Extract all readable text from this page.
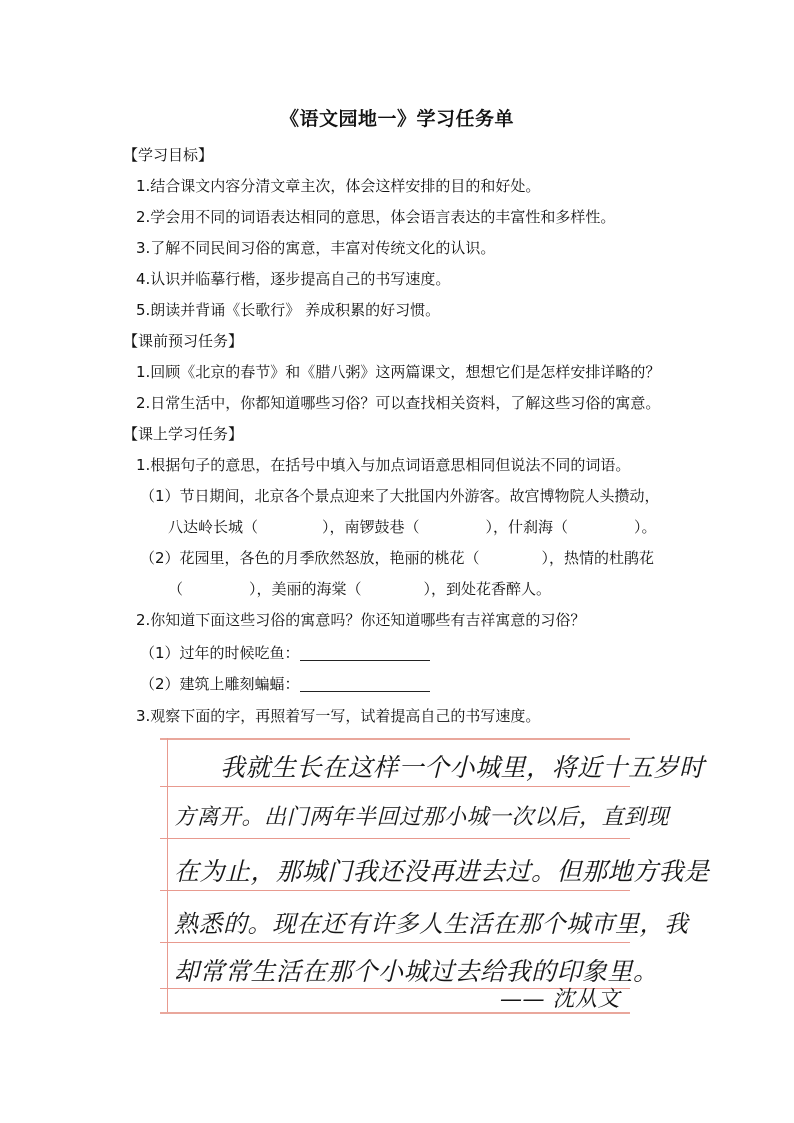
《语文园地一》学习任务单
【学习目标】
1.结合课文内容分清文章主次，体会这样安排的目的和好处。
2.学会用不同的词语表达相同的意思，体会语言表达的丰富性和多样性。
3.了解不同民间习俗的寓意，丰富对传统文化的认识。
4.认识并临摹行楷，逐步提高自己的书写速度。
5.朗读并背诵《长歌行》 养成积累的好习惯。
【课前预习任务】
1.回顾《北京的春节》和《腊八粥》这两篇课文，想想它们是怎样安排详略的？
2.日常生活中，你都知道哪些习俗？可以查找相关资料，了解这些习俗的寓意。
【课上学习任务】
1.根据句子的意思，在括号中填入与加点词语意思相同但说法不同的词语。
（1）节日期间，北京各个景点迎来了大批国内外游客。故宫博物院人头攒动，
八达岭长城（	），南锣鼓巷（	），什刹海（	）。
（2）花园里，各色的月季欣然怒放，艳丽的桃花（	），热情的杜鹃花
（	），美丽的海棠（	），到处花香醉人。
2.你知道下面这些习俗的寓意吗？你还知道哪些有吉祥寓意的习俗？
（1）过年的时候吃鱼：
（2）建筑上雕刻蝙蝠：
3.观察下面的字，再照着写一写，试着提高自己的书写速度。
我就生长在这样一个小城里，将近十五岁时
方离开。出门两年半回过那小城一次以后，直到现
在为止，那城门我还没再进去过。但那地方我是
熟悉的。现在还有许多人生活在那个城市里，我
却常常生活在那个小城过去给我的印象里。
—— 沈从文
